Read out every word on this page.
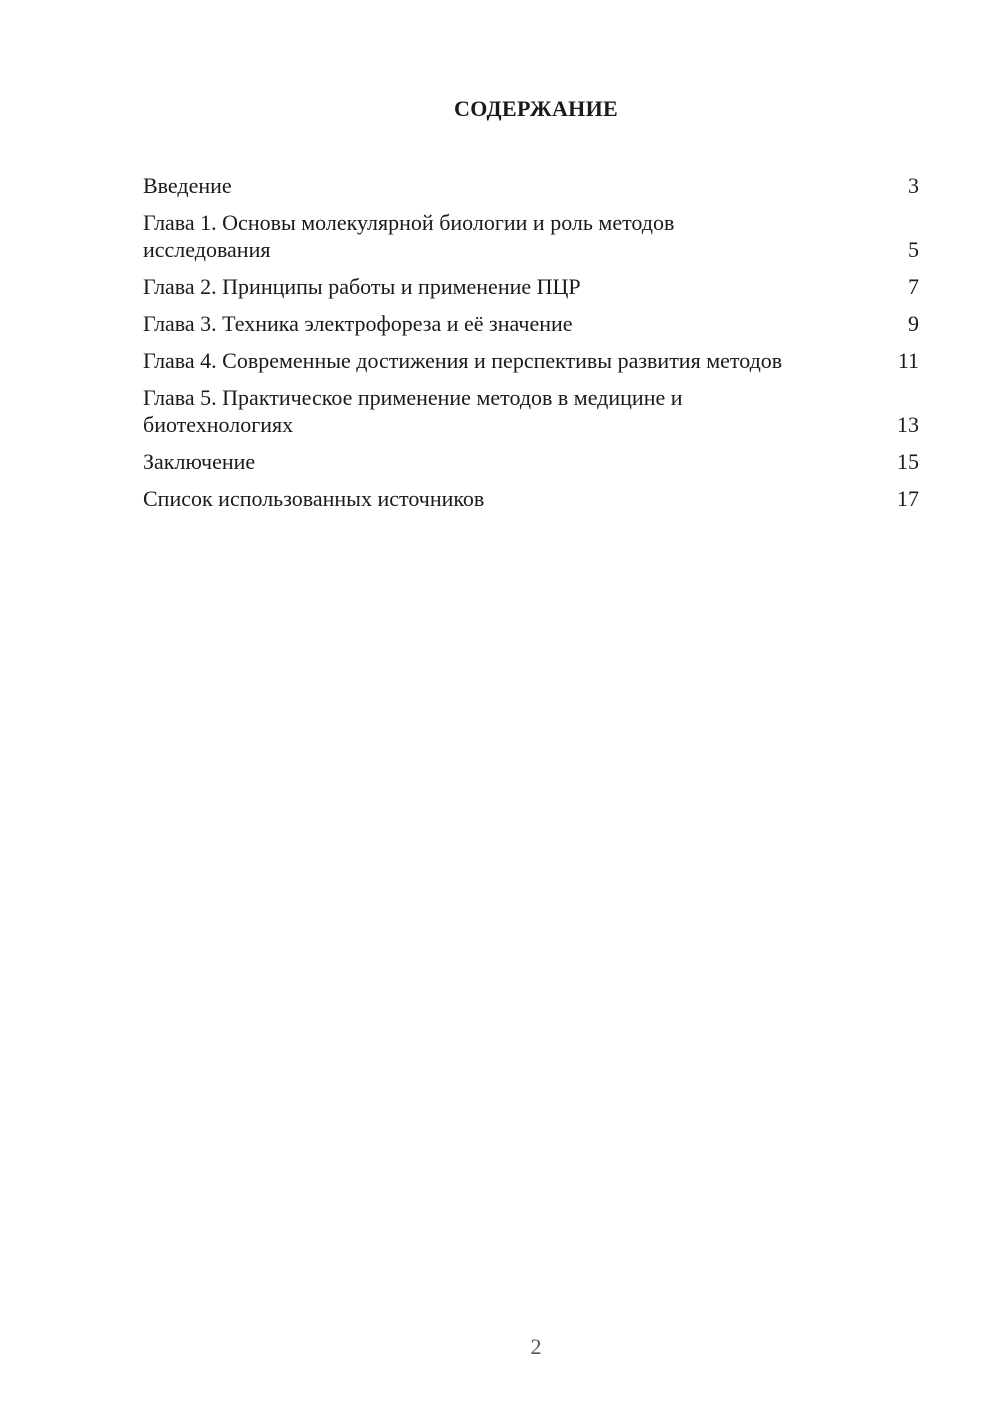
СОДЕРЖАНИЕ
Введение	3
Глава 1. Основы молекулярной биологии и роль методов исследования	5
Глава 2. Принципы работы и применение ПЦР	7
Глава 3. Техника электрофореза и её значение	9
Глава 4. Современные достижения и перспективы развития методов	11
Глава 5. Практическое применение методов в медицине и биотехнологиях	13
Заключение	15
Список использованных источников	17
2
